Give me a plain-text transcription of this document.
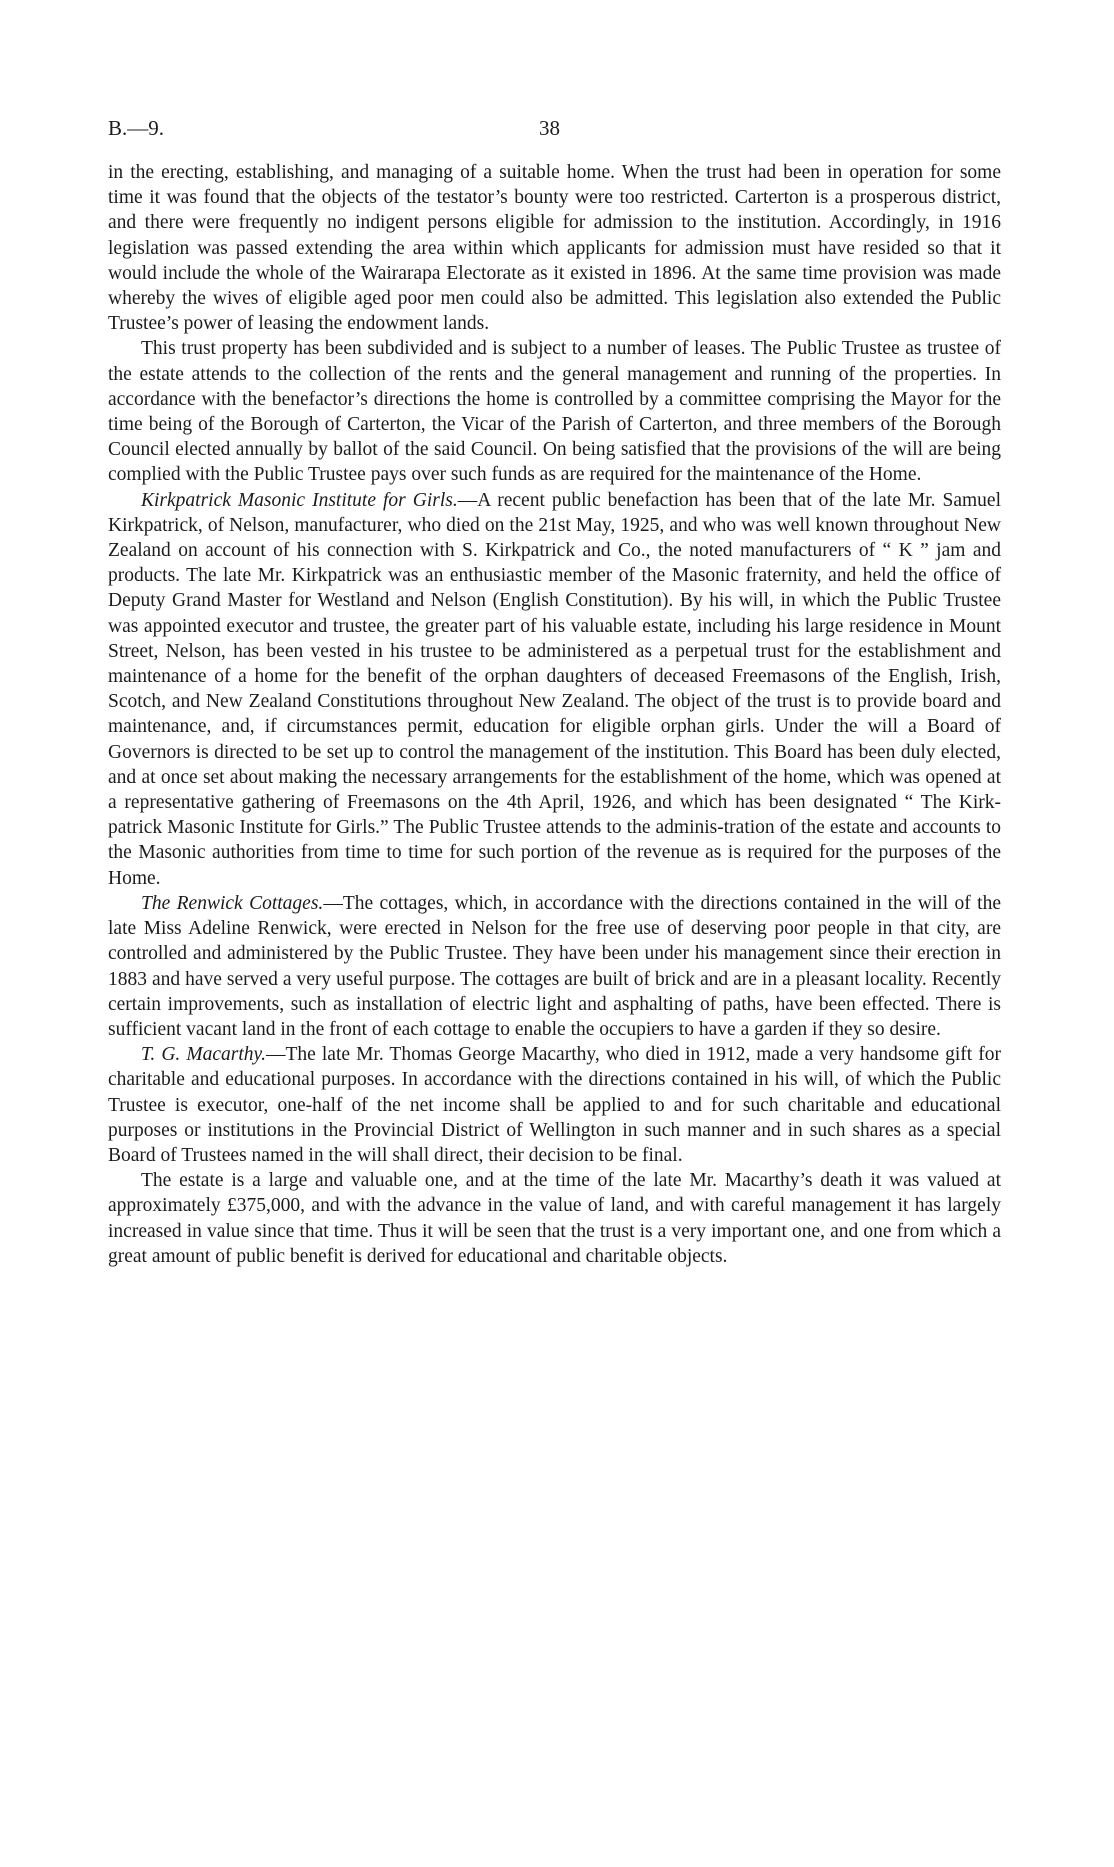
B.—9.	38

in the erecting, establishing, and managing of a suitable home. When the trust had been in operation for some time it was found that the objects of the testator’s bounty were too restricted. Carterton is a prosperous district, and there were frequently no indigent persons eligible for admission to the institution. Accordingly, in 1916 legislation was passed extending the area within which applicants for admission must have resided so that it would include the whole of the Wairarapa Electorate as it existed in 1896. At the same time provision was made whereby the wives of eligible aged poor men could also be admitted. This legislation also extended the Public Trustee’s power of leasing the endowment lands.

This trust property has been subdivided and is subject to a number of leases. The Public Trustee as trustee of the estate attends to the collection of the rents and the general management and running of the properties. In accordance with the benefactor’s directions the home is controlled by a committee comprising the Mayor for the time being of the Borough of Carterton, the Vicar of the Parish of Carterton, and three members of the Borough Council elected annually by ballot of the said Council. On being satisfied that the provisions of the will are being complied with the Public Trustee pays over such funds as are required for the maintenance of the Home.

Kirkpatrick Masonic Institute for Girls.—A recent public benefaction has been that of the late Mr. Samuel Kirkpatrick, of Nelson, manufacturer, who died on the 21st May, 1925, and who was well known throughout New Zealand on account of his connection with S. Kirkpatrick and Co., the noted manufacturers of “ K ” jam and products. The late Mr. Kirkpatrick was an enthusiastic member of the Masonic fraternity, and held the office of Deputy Grand Master for Westland and Nelson (English Constitution). By his will, in which the Public Trustee was appointed executor and trustee, the greater part of his valuable estate, including his large residence in Mount Street, Nelson, has been vested in his trustee to be administered as a perpetual trust for the establishment and maintenance of a home for the benefit of the orphan daughters of deceased Freemasons of the English, Irish, Scotch, and New Zealand Constitutions throughout New Zealand. The object of the trust is to provide board and maintenance, and, if circumstances permit, education for eligible orphan girls. Under the will a Board of Governors is directed to be set up to control the management of the institution. This Board has been duly elected, and at once set about making the necessary arrangements for the establishment of the home, which was opened at a representative gathering of Freemasons on the 4th April, 1926, and which has been designated “ The Kirk-patrick Masonic Institute for Girls.” The Public Trustee attends to the adminis-tration of the estate and accounts to the Masonic authorities from time to time for such portion of the revenue as is required for the purposes of the Home.

The Renwick Cottages.—The cottages, which, in accordance with the directions contained in the will of the late Miss Adeline Renwick, were erected in Nelson for the free use of deserving poor people in that city, are controlled and administered by the Public Trustee. They have been under his management since their erection in 1883 and have served a very useful purpose. The cottages are built of brick and are in a pleasant locality. Recently certain improvements, such as installation of electric light and asphalting of paths, have been effected. There is sufficient vacant land in the front of each cottage to enable the occupiers to have a garden if they so desire.

T. G. Macarthy.—The late Mr. Thomas George Macarthy, who died in 1912, made a very handsome gift for charitable and educational purposes. In accordance with the directions contained in his will, of which the Public Trustee is executor, one-half of the net income shall be applied to and for such charitable and educational purposes or institutions in the Provincial District of Wellington in such manner and in such shares as a special Board of Trustees named in the will shall direct, their decision to be final.

The estate is a large and valuable one, and at the time of the late Mr. Macarthy’s death it was valued at approximately £375,000, and with the advance in the value of land, and with careful management it has largely increased in value since that time. Thus it will be seen that the trust is a very important one, and one from which a great amount of public benefit is derived for educational and charitable objects.
